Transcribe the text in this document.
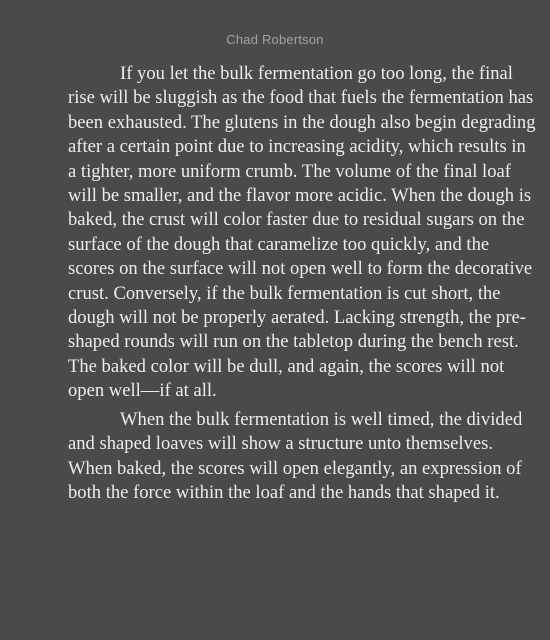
Chad Robertson

If you let the bulk fermentation go too long, the final rise will be sluggish as the food that fuels the fermentation has been exhausted. The glutens in the dough also begin degrading after a certain point due to increasing acidity, which results in a tighter, more uniform crumb. The volume of the final loaf will be smaller, and the flavor more acidic. When the dough is baked, the crust will color faster due to residual sugars on the surface of the dough that caramelize too quickly, and the scores on the surface will not open well to form the decorative crust. Conversely, if the bulk fermentation is cut short, the dough will not be properly aerated. Lacking strength, the pre-shaped rounds will run on the tabletop during the bench rest. The baked color will be dull, and again, the scores will not open well—if at all.

When the bulk fermentation is well timed, the divided and shaped loaves will show a structure unto themselves. When baked, the scores will open elegantly, an expression of both the force within the loaf and the hands that shaped it.
